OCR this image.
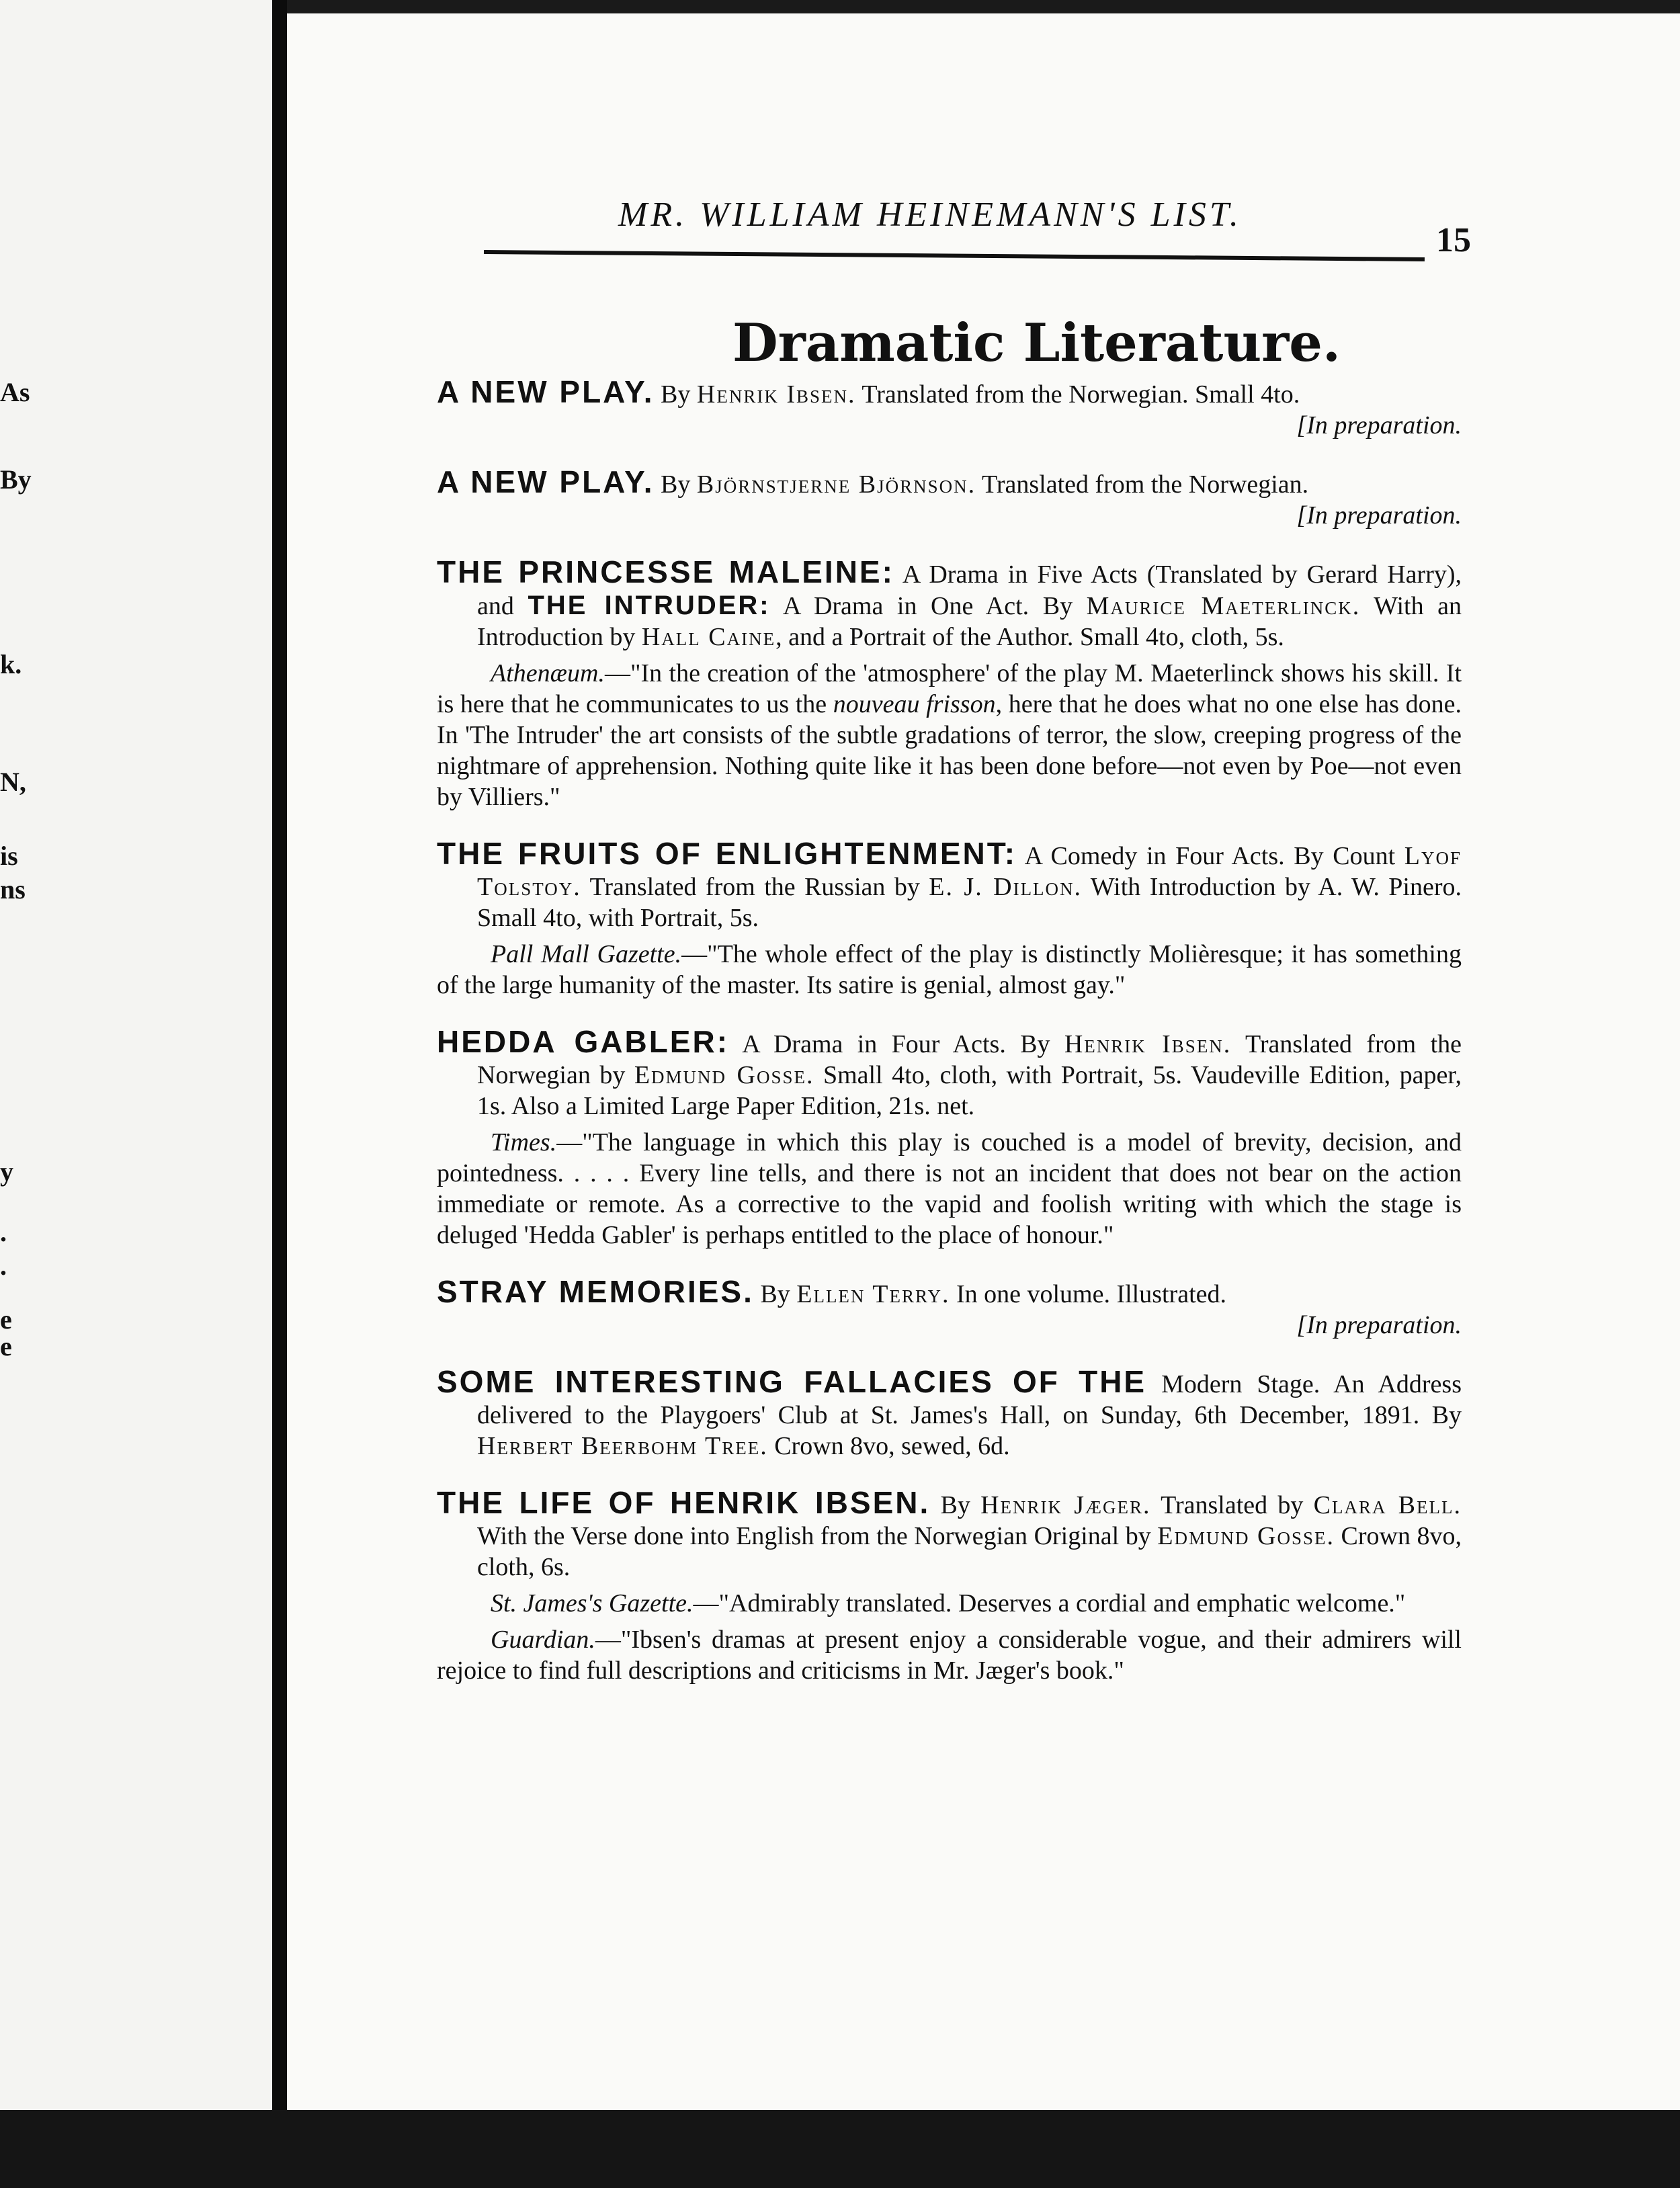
As
By
k.
N,
is
ns
y
.
.
e
e
MR. WILLIAM HEINEMANN'S LIST.
15
Dramatic Literature.
A NEW PLAY. By Henrik Ibsen. Translated from the Norwegian. Small 4to.
[In preparation.
A NEW PLAY. By Björnstjerne Björnson. Translated from the Norwegian.
[In preparation.
THE PRINCESSE MALEINE: A Drama in Five Acts (Translated by Gerard Harry), and THE INTRUDER: A Drama in One Act. By Maurice Maeterlinck. With an Introduction by Hall Caine, and a Portrait of the Author. Small 4to, cloth, 5s.
Athenæum.—"In the creation of the 'atmosphere' of the play M. Maeterlinck shows his skill. It is here that he communicates to us the nouveau frisson, here that he does what no one else has done. In 'The Intruder' the art consists of the subtle gradations of terror, the slow, creeping progress of the nightmare of apprehension. Nothing quite like it has been done before—not even by Poe—not even by Villiers."
THE FRUITS OF ENLIGHTENMENT: A Comedy in Four Acts. By Count Lyof Tolstoy. Translated from the Russian by E. J. Dillon. With Introduction by A. W. Pinero. Small 4to, with Portrait, 5s.
Pall Mall Gazette.—"The whole effect of the play is distinctly Molièresque; it has something of the large humanity of the master. Its satire is genial, almost gay."
HEDDA GABLER: A Drama in Four Acts. By Henrik Ibsen. Translated from the Norwegian by Edmund Gosse. Small 4to, cloth, with Portrait, 5s. Vaudeville Edition, paper, 1s. Also a Limited Large Paper Edition, 21s. net.
Times.—"The language in which this play is couched is a model of brevity, decision, and pointedness. . . . . Every line tells, and there is not an incident that does not bear on the action immediate or remote. As a corrective to the vapid and foolish writing with which the stage is deluged 'Hedda Gabler' is perhaps entitled to the place of honour."
STRAY MEMORIES. By Ellen Terry. In one volume. Illustrated.
[In preparation.
SOME INTERESTING FALLACIES OF THE Modern Stage. An Address delivered to the Playgoers' Club at St. James's Hall, on Sunday, 6th December, 1891. By Herbert Beerbohm Tree. Crown 8vo, sewed, 6d.
THE LIFE OF HENRIK IBSEN. By Henrik Jæger. Translated by Clara Bell. With the Verse done into English from the Norwegian Original by Edmund Gosse. Crown 8vo, cloth, 6s.
St. James's Gazette.—"Admirably translated. Deserves a cordial and emphatic welcome."
Guardian.—"Ibsen's dramas at present enjoy a considerable vogue, and their admirers will rejoice to find full descriptions and criticisms in Mr. Jæger's book."
